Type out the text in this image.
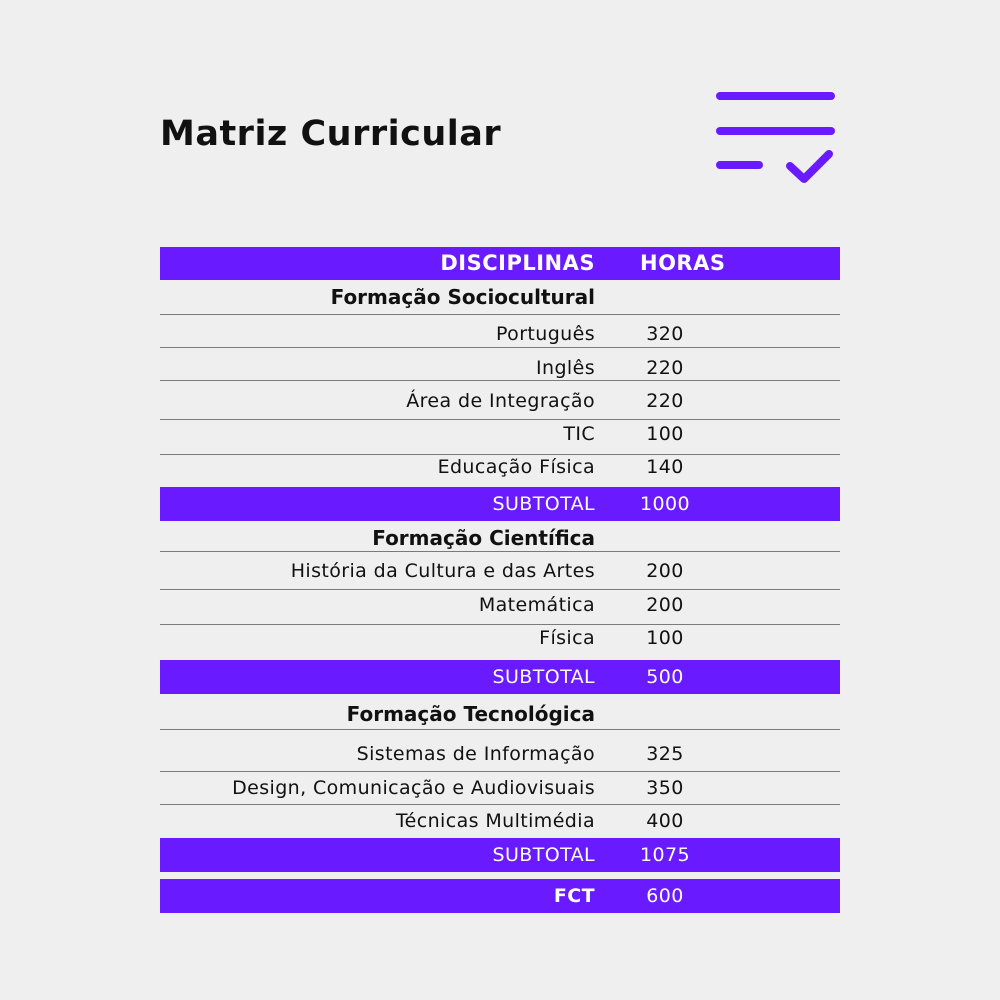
Matriz Curricular
DISCIPLINAS HORAS
Formação Sociocultural
Português	320
Inglês	220
Área de Integração	220
TIC	100
Educação Física	140
SUBTOTAL	1000
Formação Científica
História da Cultura e das Artes	200
Matemática	200
Física	100
SUBTOTAL	500
Formação Tecnológica
Sistemas de Informação	325
Design, Comunicação e Audiovisuais	350
Técnicas Multimédia	400
SUBTOTAL	1075
FCT	600
